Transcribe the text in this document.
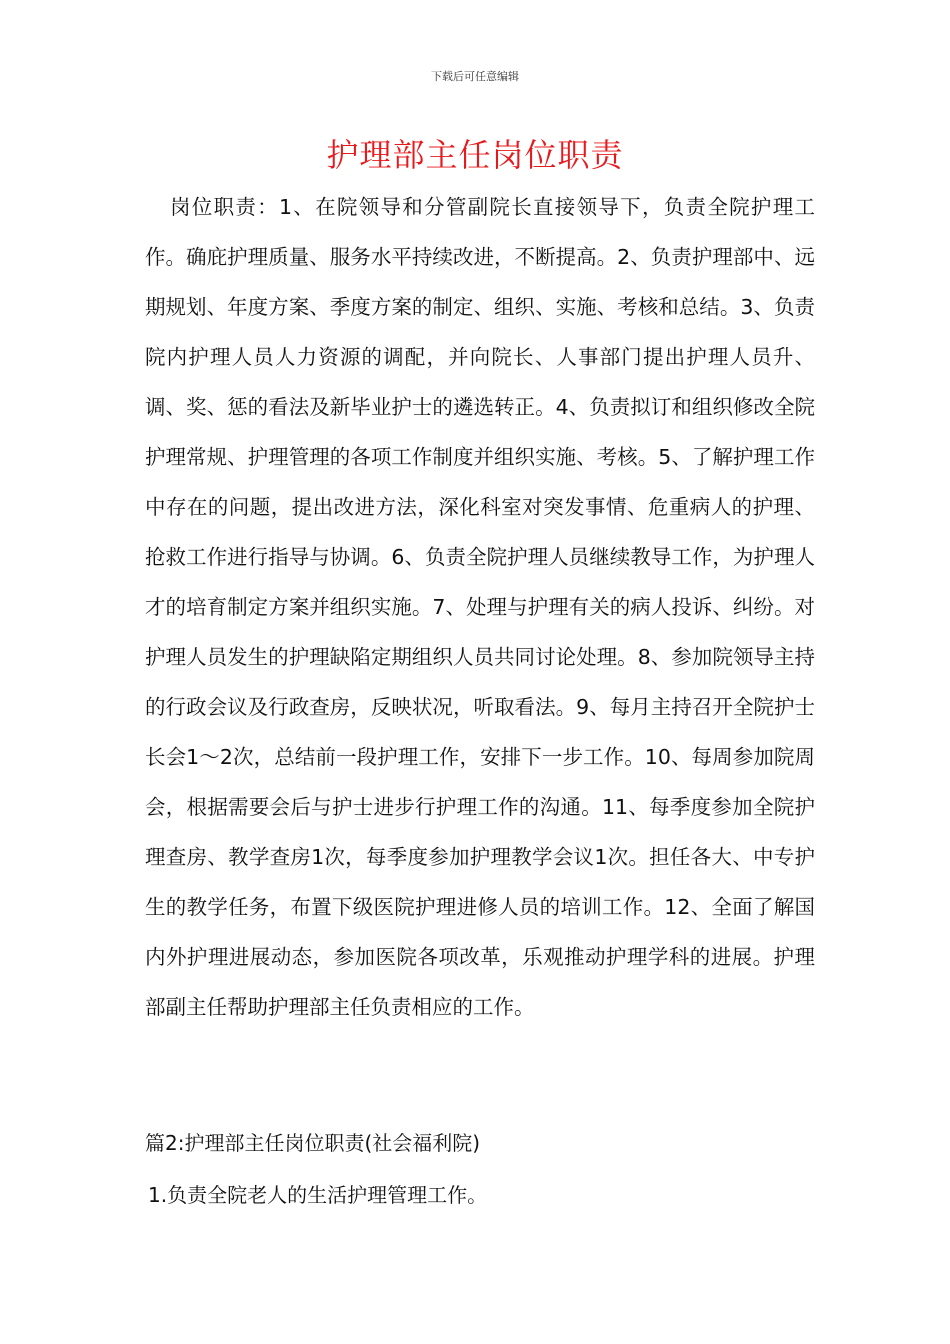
下载后可任意编辑
护理部主任岗位职责
岗位职责：1、在院领导和分管副院长直接领导下，负责全院护理工作。确庇护理质量、服务水平持续改进，不断提高。2、负责护理部中、远期规划、年度方案、季度方案的制定、组织、实施、考核和总结。3、负责院内护理人员人力资源的调配，并向院长、人事部门提出护理人员升、调、奖、惩的看法及新毕业护士的遴选转正。4、负责拟订和组织修改全院护理常规、护理管理的各项工作制度并组织实施、考核。5、了解护理工作中存在的问题，提出改进方法，深化科室对突发事情、危重病人的护理、抢救工作进行指导与协调。6、负责全院护理人员继续教导工作，为护理人才的培育制定方案并组织实施。7、处理与护理有关的病人投诉、纠纷。对护理人员发生的护理缺陷定期组织人员共同讨论处理。8、参加院领导主持的行政会议及行政查房，反映状况，听取看法。9、每月主持召开全院护士长会1～2次，总结前一段护理工作，安排下一步工作。10、每周参加院周会，根据需要会后与护士进步行护理工作的沟通。11、每季度参加全院护理查房、教学查房1次，每季度参加护理教学会议1次。担任各大、中专护生的教学任务，布置下级医院护理进修人员的培训工作。12、全面了解国内外护理进展动态，参加医院各项改革，乐观推动护理学科的进展。护理部副主任帮助护理部主任负责相应的工作。
篇2:护理部主任岗位职责(社会福利院)
1.负责全院老人的生活护理管理工作。
